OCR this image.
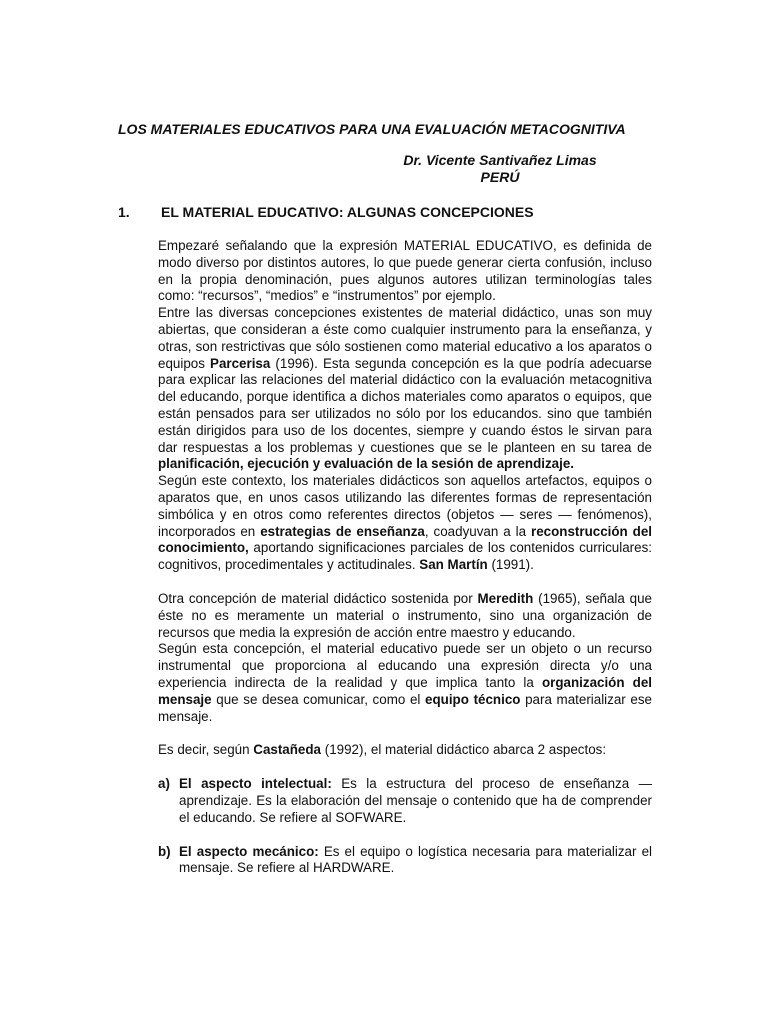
LOS MATERIALES EDUCATIVOS PARA UNA EVALUACIÓN METACOGNITIVA
Dr. Vicente Santivañez Limas
PERÚ
1. EL MATERIAL EDUCATIVO: ALGUNAS CONCEPCIONES

Empezaré señalando que la expresión MATERIAL EDUCATIVO, es definida de modo diverso por distintos autores, lo que puede generar cierta confusión, incluso en la propia denominación, pues algunos autores utilizan terminologías tales como: “recursos”, “medios” e “instrumentos” por ejemplo.

Entre las diversas concepciones existentes de material didáctico, unas son muy abiertas, que consideran a éste como cualquier instrumento para la enseñanza, y otras, son restrictivas que sólo sostienen como material educativo a los aparatos o equipos Parcerisa (1996). Esta segunda concepción es la que podría adecuarse para explicar las relaciones del material didáctico con la evaluación metacognitiva del educando, porque identifica a dichos materiales como aparatos o equipos, que están pensados para ser utilizados no sólo por los educandos. sino que también están dirigidos para uso de los docentes, siempre y cuando éstos le sirvan para dar respuestas a los problemas y cuestiones que se le planteen en su tarea de planificación, ejecución y evaluación de la sesión de aprendizaje.

Según este contexto, los materiales didácticos son aquellos artefactos, equipos o aparatos que, en unos casos utilizando las diferentes formas de representación simbólica y en otros como referentes directos (objetos — seres — fenómenos), incorporados en estrategias de enseñanza, coadyuvan a la reconstrucción del conocimiento, aportando significaciones parciales de los contenidos curriculares: cognitivos, procedimentales y actitudinales. San Martín (1991).

Otra concepción de material didáctico sostenida por Meredith (1965), señala que éste no es meramente un material o instrumento, sino una organización de recursos que media la expresión de acción entre maestro y educando.

Según esta concepción, el material educativo puede ser un objeto o un recurso instrumental que proporciona al educando una expresión directa y/o una experiencia indirecta de la realidad y que implica tanto la organización del mensaje que se desea comunicar, como el equipo técnico para materializar ese mensaje.

Es decir, según Castañeda (1992), el material didáctico abarca 2 aspectos:

a) El aspecto intelectual: Es la estructura del proceso de enseñanza — aprendizaje. Es la elaboración del mensaje o contenido que ha de comprender el educando. Se refiere al SOFWARE.
b) El aspecto mecánico: Es el equipo o logística necesaria para materializar el mensaje. Se refiere al HARDWARE.
